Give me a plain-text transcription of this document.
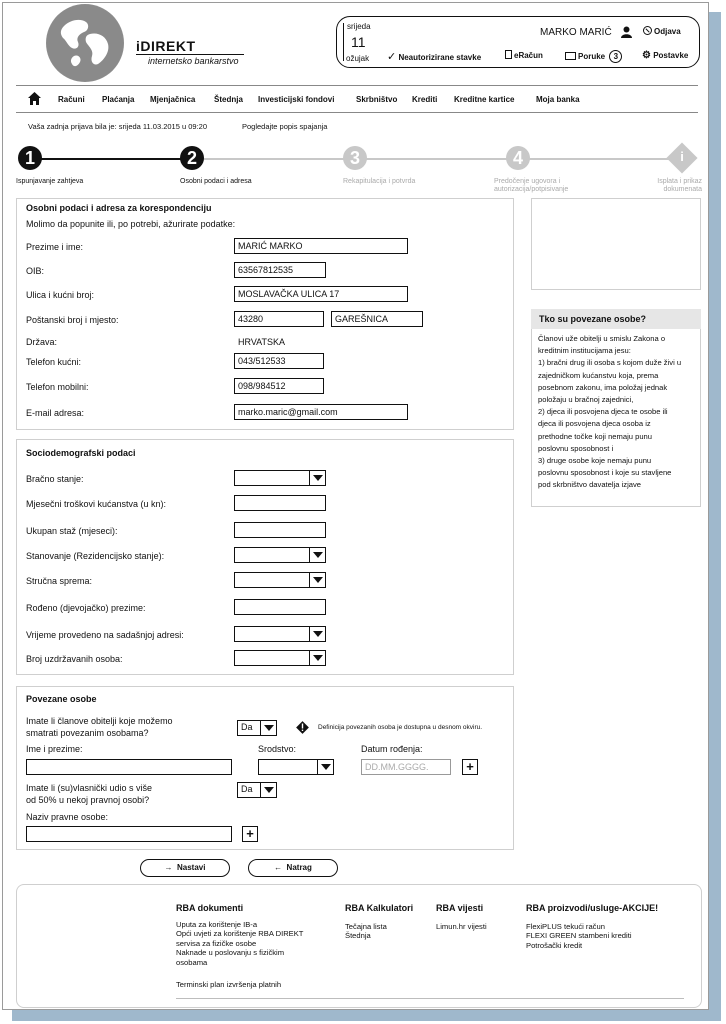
iDIREKT
internetsko bankarstvo
srijeda
11
ožujak
MARKO MARIĆ	Odjava
✓ Neautorizirane stavke	eRačun	Poruke 3	⚙ Postavke
Računi Plaćanja Mjenjačnica Štednja Investicijski fondovi	Skrbništvo Krediti Kreditne kartice	Moja banka
Vaša zadnja prijava bila je: srijeda 11.03.2015 u 09:20	Pogledajte popis spajanja
1	2	3	4	i
Ispunjavanje zahtjeva	Osobni podaci i adresa	Rekapitulacija i potvrda	Predočenje ugovora i autorizacija/potpisivanje
Isplata i prikaz dokumenata
Osobni podaci i adresa za korespondenciju
Molimo da popunite ili, po potrebi, ažurirate podatke:
Prezime i ime:	MARIĆ MARKO
OIB:	63567812535
Ulica i kućni broj:	MOSLAVAČKA ULICA 17
Poštanski broj i mjesto:	43280	GAREŠNICA
Država:	HRVATSKA
Telefon kućni:	043/512533
Telefon mobilni:	098/984512
E-mail adresa:	marko.maric@gmail.com
Tko su povezane osobe?
Članovi uže obitelji u smislu Zakona o
kreditnim institucijama jesu:
1) bračni drug ili osoba s kojom duže živi u
zajedničkom kućanstvu koja, prema
posebnom zakonu, ima položaj jednak
položaju u bračnoj zajednici,
2) djeca ili posvojena djeca te osobe ili
djeca ili posvojena djeca osoba iz
prethodne točke koji nemaju punu
poslovnu sposobnost i
3) druge osobe koje nemaju punu
poslovnu sposobnost i koje su stavljene
pod skrbništvo davatelja izjave
Sociodemografski podaci
Bračno stanje:
Mjesečni troškovi kućanstva (u kn):
Ukupan staž (mjeseci):
Stanovanje (Rezidencijsko stanje):
Stručna sprema:
Rođeno (djevojačko) prezime:
Vrijeme provedeno na sadašnjoj adresi:
Broj uzdržavanih osoba:
Povezane osobe
Imate li članove obitelji koje možemo
smatrati povezanim osobama?
Da	Definicija povezanih osoba je dostupna u desnom okviru.
Ime i prezime:	Srodstvo:	Datum rođenja:
DD.MM.GGGG.	+
Imate li (su)vlasnički udio s više
od 50% u nekoj pravnoj osobi?
Da
Naziv pravne osobe:
+
→ Nastavi	← Natrag
RBA dokumenti
Uputa za korištenje IB-a
Opći uvjeti za korištenje RBA DIREKT
servisa za fizičke osobe
Naknade u poslovanju s fizičkim
osobama
Terminski plan izvršenja platnih
RBA Kalkulatori
Tečajna lista
Štednja
RBA vijesti
Limun.hr vijesti
RBA proizvodi/usluge-AKCIJE!
FlexiPLUS tekući račun
FLEXI GREEN stambeni krediti
Potrošački kredit
